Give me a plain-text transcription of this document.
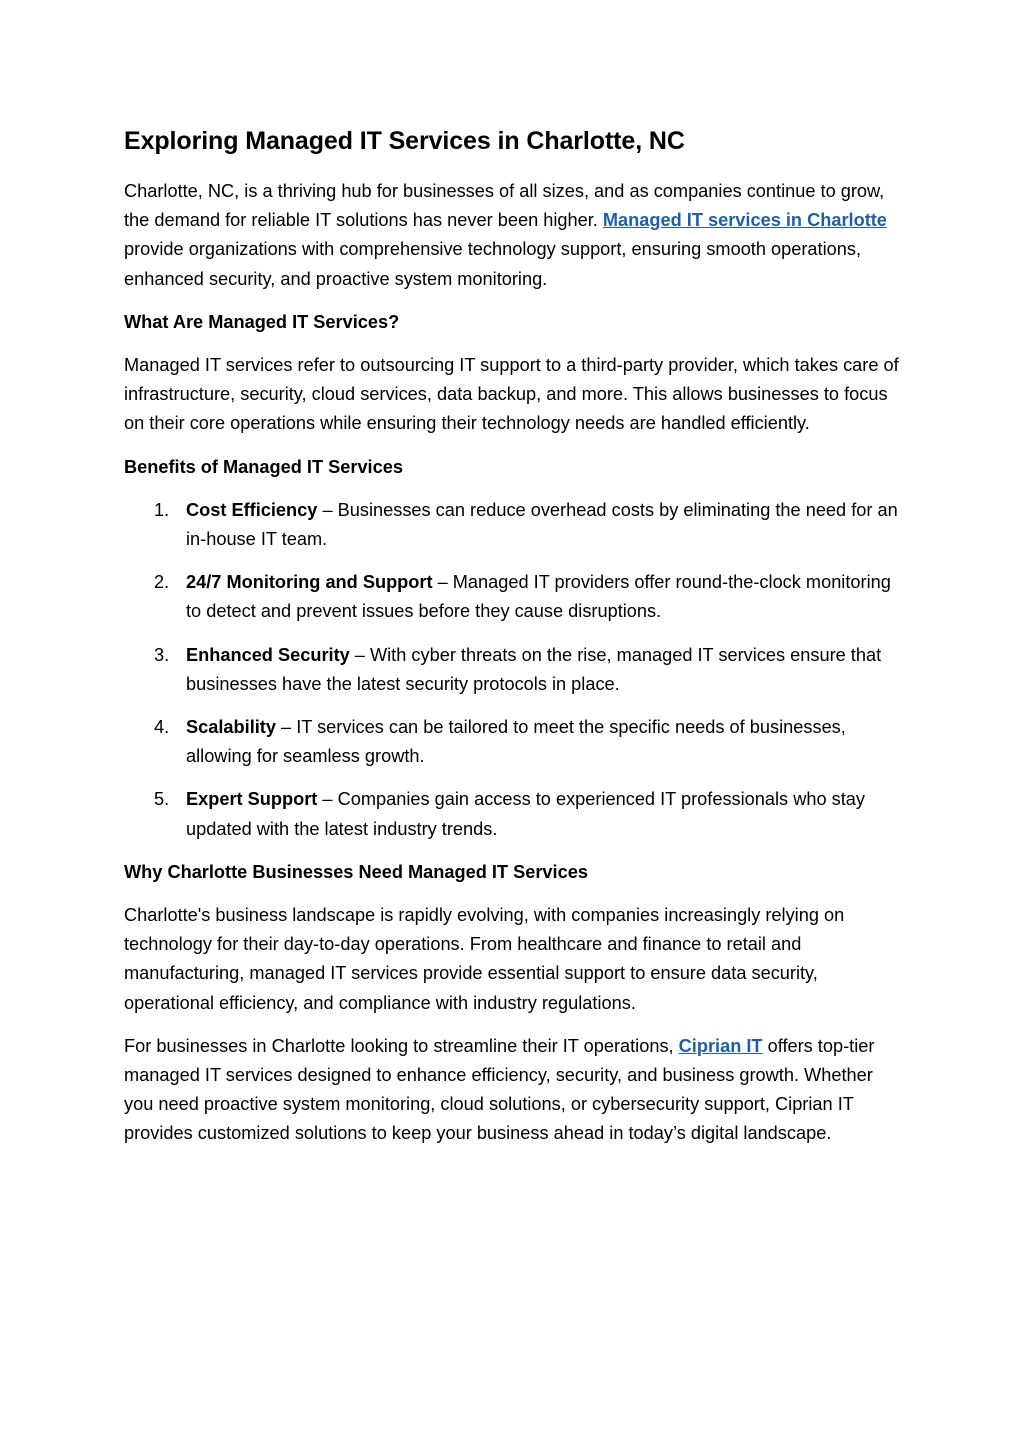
Exploring Managed IT Services in Charlotte, NC

Charlotte, NC, is a thriving hub for businesses of all sizes, and as companies continue to grow, the demand for reliable IT solutions has never been higher. Managed IT services in Charlotte provide organizations with comprehensive technology support, ensuring smooth operations, enhanced security, and proactive system monitoring.

What Are Managed IT Services?

Managed IT services refer to outsourcing IT support to a third-party provider, which takes care of infrastructure, security, cloud services, data backup, and more. This allows businesses to focus on their core operations while ensuring their technology needs are handled efficiently.

Benefits of Managed IT Services
1. Cost Efficiency – Businesses can reduce overhead costs by eliminating the need for an in-house IT team.
2. 24/7 Monitoring and Support – Managed IT providers offer round-the-clock monitoring to detect and prevent issues before they cause disruptions.
3. Enhanced Security – With cyber threats on the rise, managed IT services ensure that businesses have the latest security protocols in place.
4. Scalability – IT services can be tailored to meet the specific needs of businesses, allowing for seamless growth.
5. Expert Support – Companies gain access to experienced IT professionals who stay updated with the latest industry trends.
Why Charlotte Businesses Need Managed IT Services

Charlotte's business landscape is rapidly evolving, with companies increasingly relying on technology for their day-to-day operations. From healthcare and finance to retail and manufacturing, managed IT services provide essential support to ensure data security, operational efficiency, and compliance with industry regulations.

For businesses in Charlotte looking to streamline their IT operations, Ciprian IT offers top-tier managed IT services designed to enhance efficiency, security, and business growth. Whether you need proactive system monitoring, cloud solutions, or cybersecurity support, Ciprian IT provides customized solutions to keep your business ahead in today’s digital landscape.
